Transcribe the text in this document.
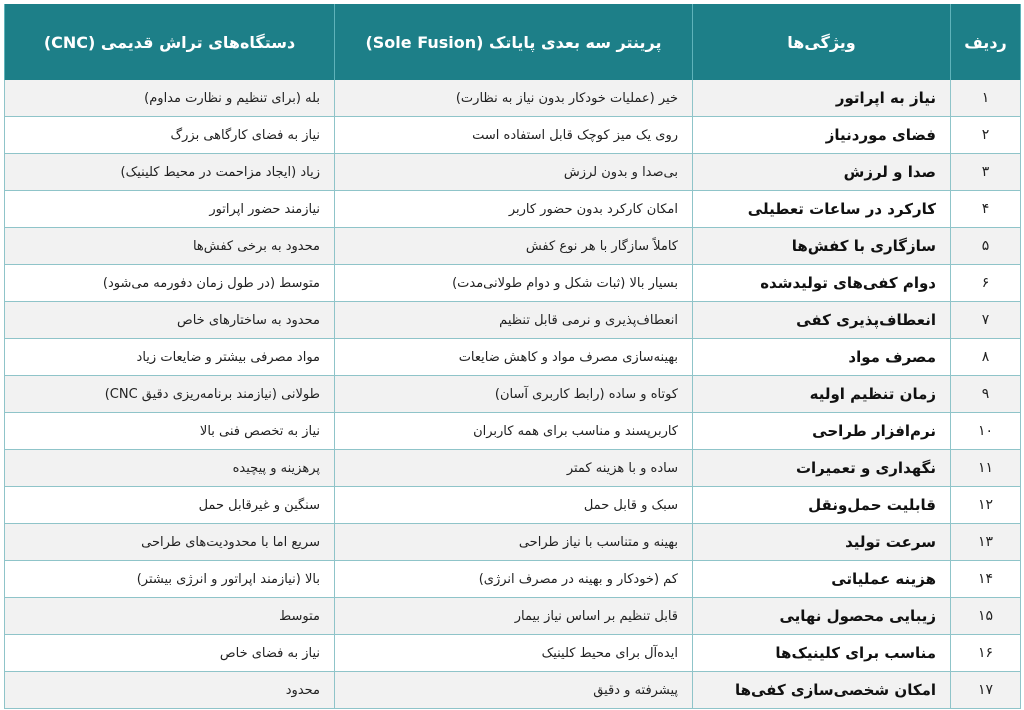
ردیف	ویژگی‌ها	پرینتر سه بعدی پایاتک (Sole Fusion)	دستگاه‌های تراش قدیمی (CNC)
۱	نیاز به اپراتور	خیر (عملیات خودکار بدون نیاز به نظارت)	بله (برای تنظیم و نظارت مداوم)
۲	فضای موردنیاز	روی یک میز کوچک قابل استفاده است	نیاز به فضای کارگاهی بزرگ
۳	صدا و لرزش	بی‌صدا و بدون لرزش	زیاد (ایجاد مزاحمت در محیط کلینیک)
۴	کارکرد در ساعات تعطیلی	امکان کارکرد بدون حضور کاربر	نیازمند حضور اپراتور
۵	سازگاری با کفش‌ها	کاملاً سازگار با هر نوع کفش	محدود به برخی کفش‌ها
۶	دوام کفی‌های تولیدشده	بسیار بالا (ثبات شکل و دوام طولانی‌مدت)	متوسط (در طول زمان دفورمه می‌شود)
۷	انعطاف‌پذیری کفی	انعطاف‌پذیری و نرمی قابل تنظیم	محدود به ساختارهای خاص
۸	مصرف مواد	بهینه‌سازی مصرف مواد و کاهش ضایعات	مواد مصرفی بیشتر و ضایعات زیاد
۹	زمان تنظیم اولیه	کوتاه و ساده (رابط کاربری آسان)	طولانی (نیازمند برنامه‌ریزی دقیق CNC)
۱۰	نرم‌افزار طراحی	کاربرپسند و مناسب برای همه کاربران	نیاز به تخصص فنی بالا
۱۱	نگهداری و تعمیرات	ساده و با هزینه کمتر	پرهزینه و پیچیده
۱۲	قابلیت حمل‌ونقل	سبک و قابل حمل	سنگین و غیرقابل حمل
۱۳	سرعت تولید	بهینه و متناسب با نیاز طراحی	سریع اما با محدودیت‌های طراحی
۱۴	هزینه عملیاتی	کم (خودکار و بهینه در مصرف انرژی)	بالا (نیازمند اپراتور و انرژی بیشتر)
۱۵	زیبایی محصول نهایی	قابل تنظیم بر اساس نیاز بیمار	متوسط
۱۶	مناسب برای کلینیک‌ها	ایده‌آل برای محیط کلینیک	نیاز به فضای خاص
۱۷	امکان شخصی‌سازی کفی‌ها	پیشرفته و دقیق	محدود
